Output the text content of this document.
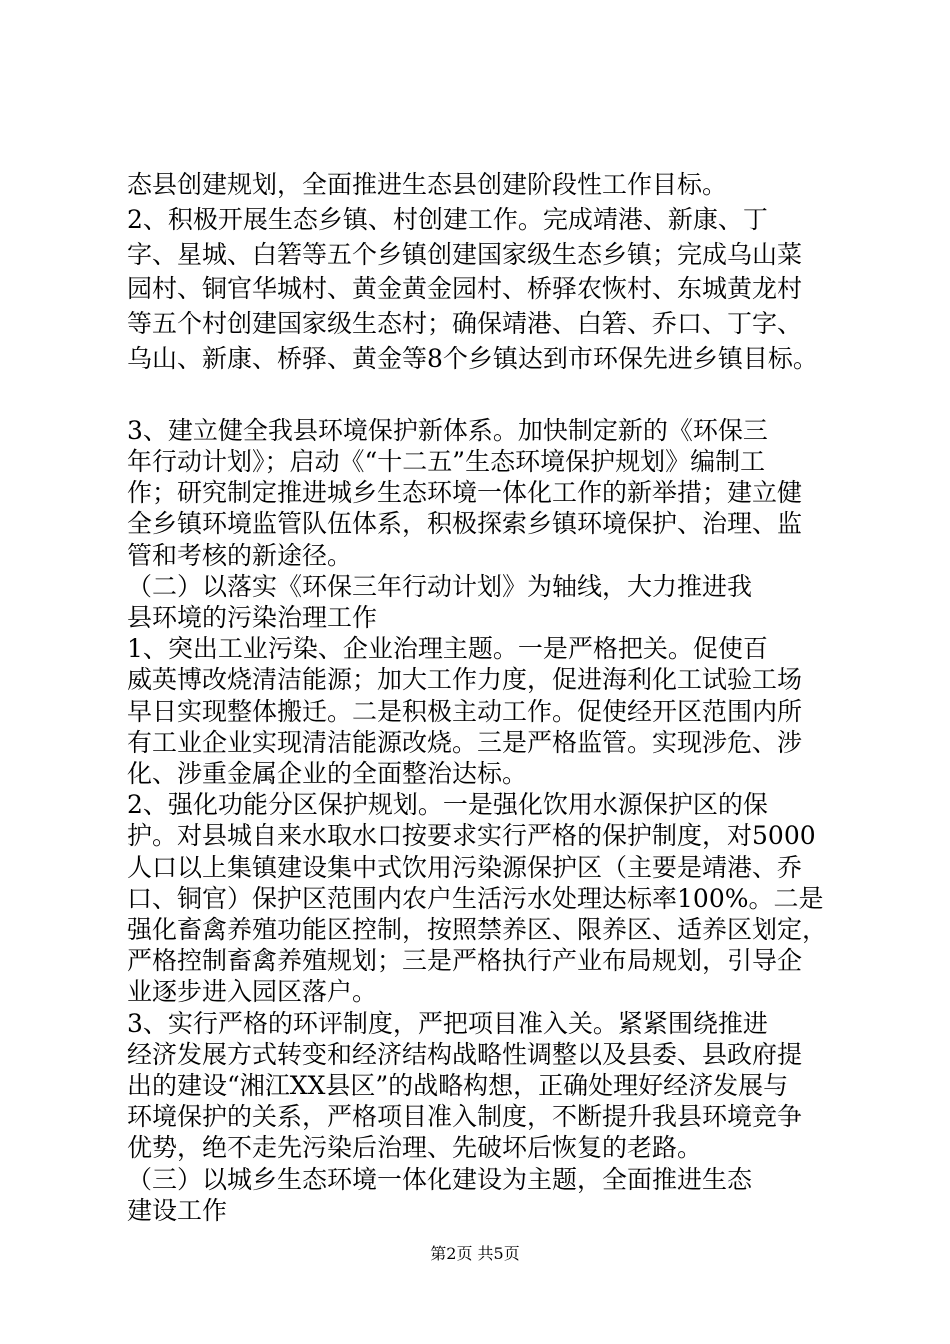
态县创建规划，全面推进生态县创建阶段性工作目标。
2、积极开展生态乡镇、村创建工作。完成靖港、新康、丁
字、星城、白箬等五个乡镇创建国家级生态乡镇；完成乌山菜
园村、铜官华城村、黄金黄金园村、桥驿农恢村、东城黄龙村
等五个村创建国家级生态村；确保靖港、白箬、乔口、丁字、
乌山、新康、桥驿、黄金等8个乡镇达到市环保先进乡镇目标。
3、建立健全我县环境保护新体系。加快制定新的《环保三
年行动计划》；启动《“十二五”生态环境保护规划》编制工
作；研究制定推进城乡生态环境一体化工作的新举措；建立健
全乡镇环境监管队伍体系，积极探索乡镇环境保护、治理、监
管和考核的新途径。
（二）以落实《环保三年行动计划》为轴线，大力推进我
县环境的污染治理工作
1、突出工业污染、企业治理主题。一是严格把关。促使百
威英博改烧清洁能源；加大工作力度，促进海利化工试验工场
早日实现整体搬迁。二是积极主动工作。促使经开区范围内所
有工业企业实现清洁能源改烧。三是严格监管。实现涉危、涉
化、涉重金属企业的全面整治达标。
2、强化功能分区保护规划。一是强化饮用水源保护区的保
护。对县城自来水取水口按要求实行严格的保护制度，对5000
人口以上集镇建设集中式饮用污染源保护区（主要是靖港、乔
口、铜官）保护区范围内农户生活污水处理达标率100%。二是
强化畜禽养殖功能区控制，按照禁养区、限养区、适养区划定，
严格控制畜禽养殖规划；三是严格执行产业布局规划，引导企
业逐步进入园区落户。
3、实行严格的环评制度，严把项目准入关。紧紧围绕推进
经济发展方式转变和经济结构战略性调整以及县委、县政府提
出的建设“湘江XX县区”的战略构想，正确处理好经济发展与
环境保护的关系，严格项目准入制度，不断提升我县环境竞争
优势，绝不走先污染后治理、先破坏后恢复的老路。
（三）以城乡生态环境一体化建设为主题，全面推进生态
建设工作
第2页 共5页
